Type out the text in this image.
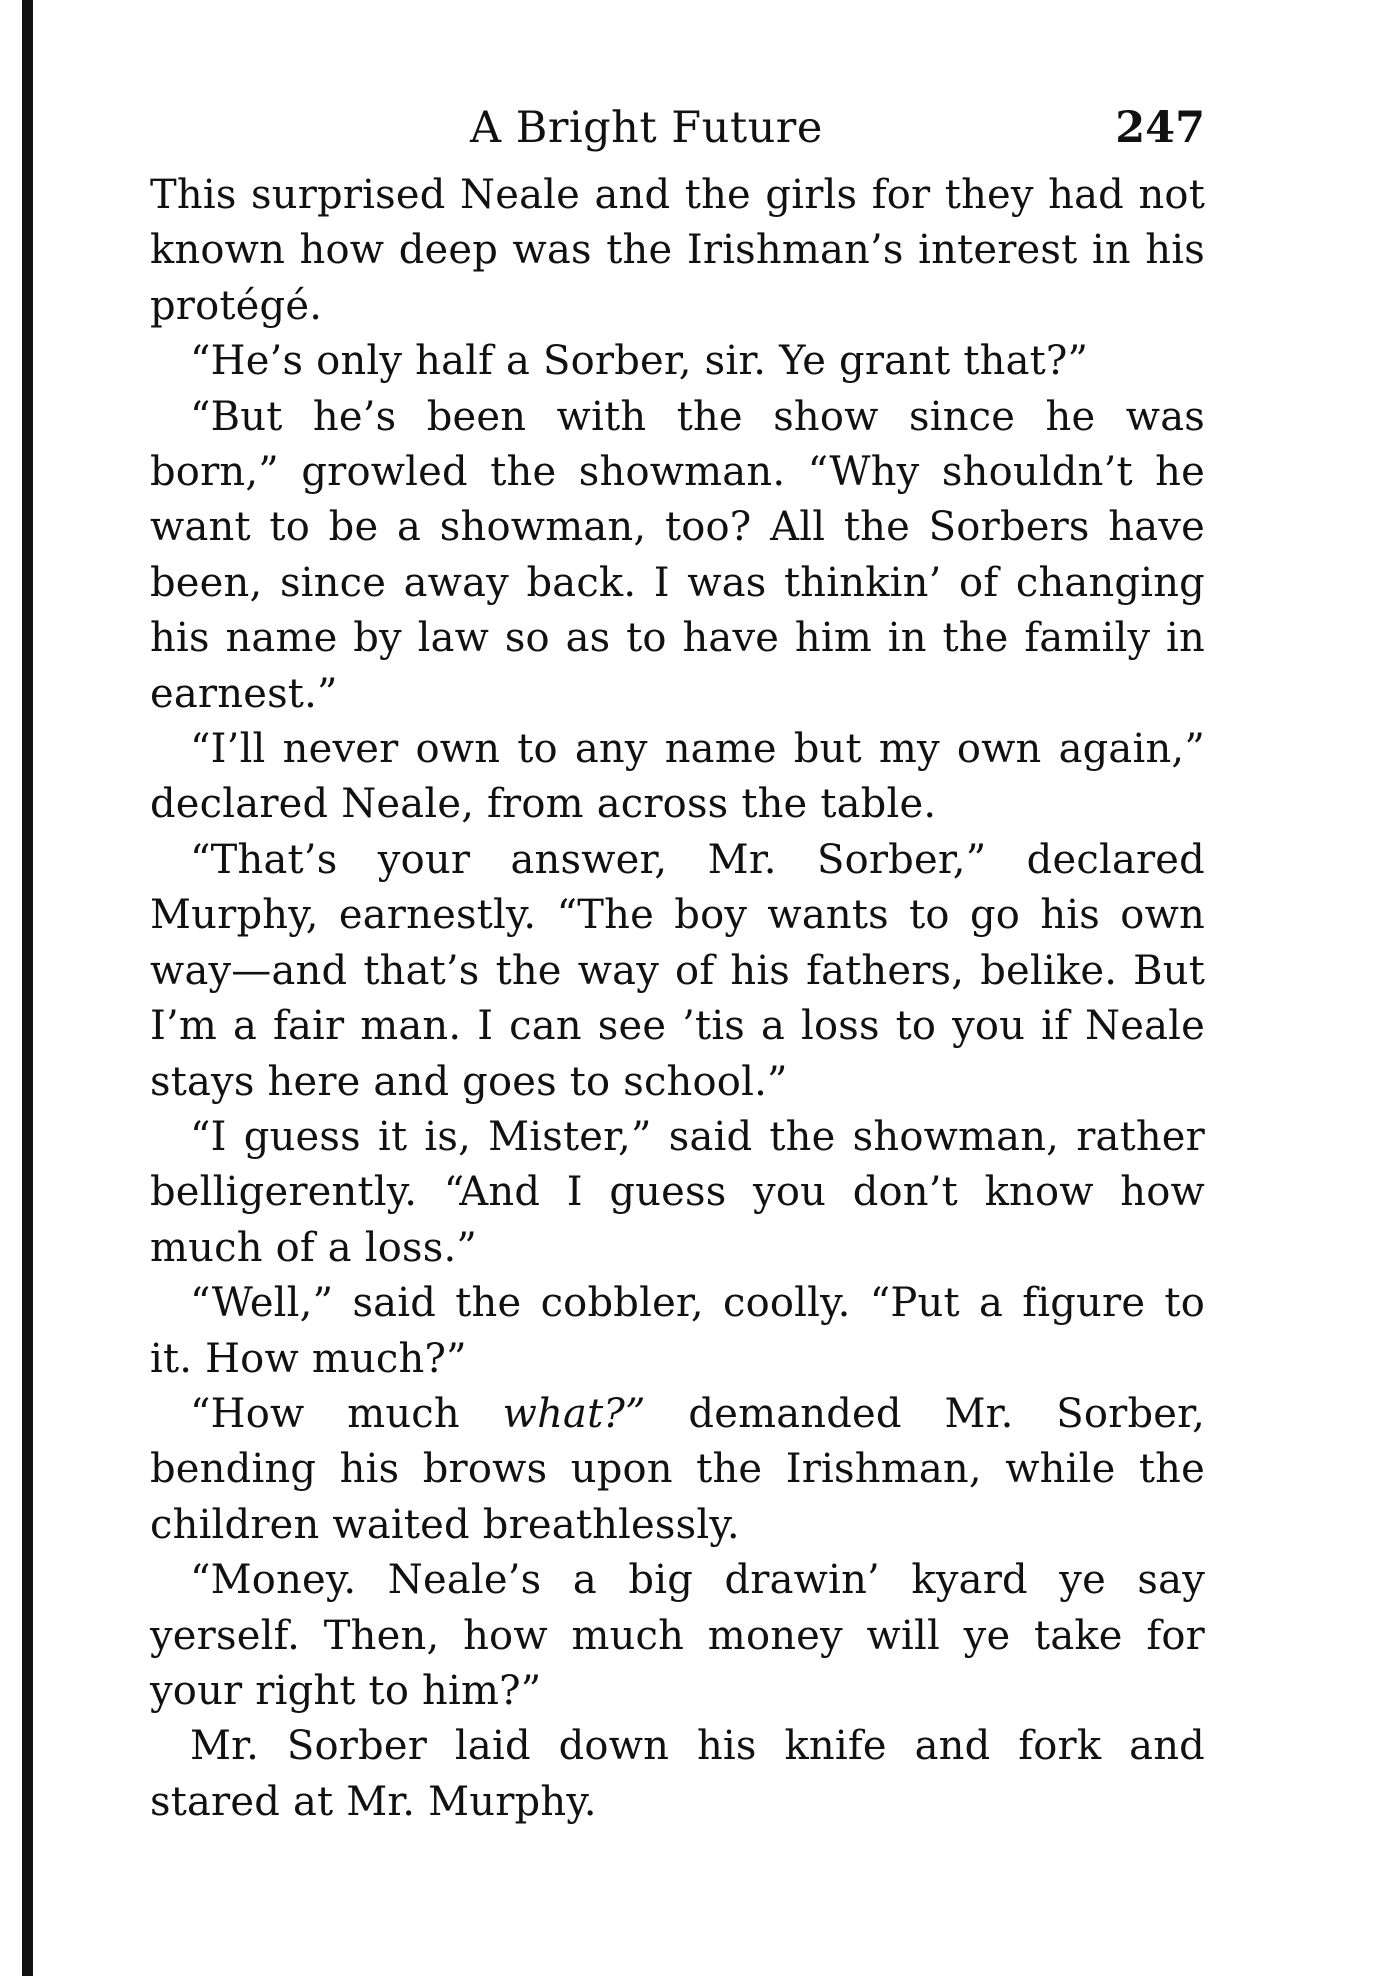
A Bright Future	247

This surprised Neale and the girls for they had not known how deep was the Irishman’s interest in his protégé.

“He’s only half a Sorber, sir. Ye grant that?”

“But he’s been with the show since he was born,” growled the showman. “Why shouldn’t he want to be a showman, too? All the Sorbers have been, since away back. I was thinkin’ of changing his name by law so as to have him in the family in earnest.”

“I’ll never own to any name but my own again,” declared Neale, from across the table.

“That’s your answer, Mr. Sorber,” declared Murphy, earnestly. “The boy wants to go his own way—and that’s the way of his fathers, belike. But I’m a fair man. I can see ’tis a loss to you if Neale stays here and goes to school.”

“I guess it is, Mister,” said the showman, rather belligerently. “And I guess you don’t know how much of a loss.”

“Well,” said the cobbler, coolly. “Put a figure to it. How much?”

“How much what?” demanded Mr. Sorber, bending his brows upon the Irishman, while the children waited breathlessly.

“Money. Neale’s a big drawin’ kyard ye say yerself. Then, how much money will ye take for your right to him?”

Mr. Sorber laid down his knife and fork and stared at Mr. Murphy.
